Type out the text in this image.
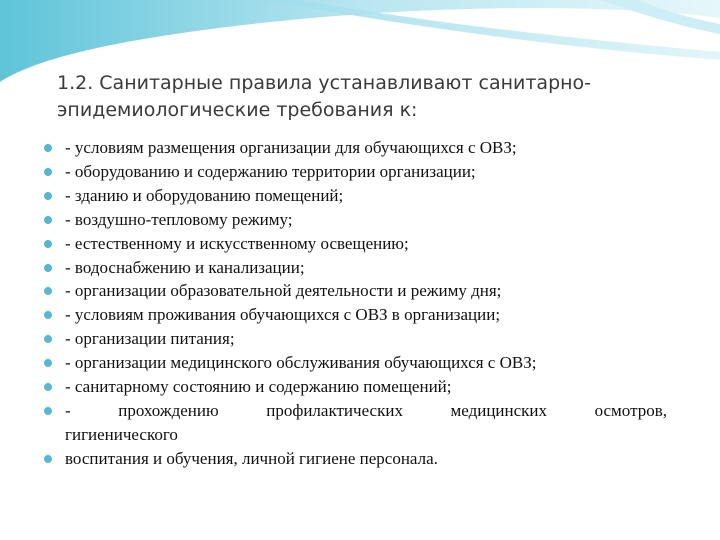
1.2. Санитарные правила устанавливают санитарно-
эпидемиологические требования к:
- условиям размещения организации для обучающихся с ОВЗ;
- оборудованию и содержанию территории организации;
- зданию и оборудованию помещений;
- воздушно-тепловому режиму;
- естественному и искусственному освещению;
- водоснабжению и канализации;
- организации образовательной деятельности и режиму дня;
- условиям проживания обучающихся с ОВЗ в организации;
- организации питания;
- организации медицинского обслуживания обучающихся с ОВЗ;
- санитарному состоянию и содержанию помещений;
- прохождению профилактических медицинских осмотров,
гигиенического
воспитания и обучения, личной гигиене персонала.
